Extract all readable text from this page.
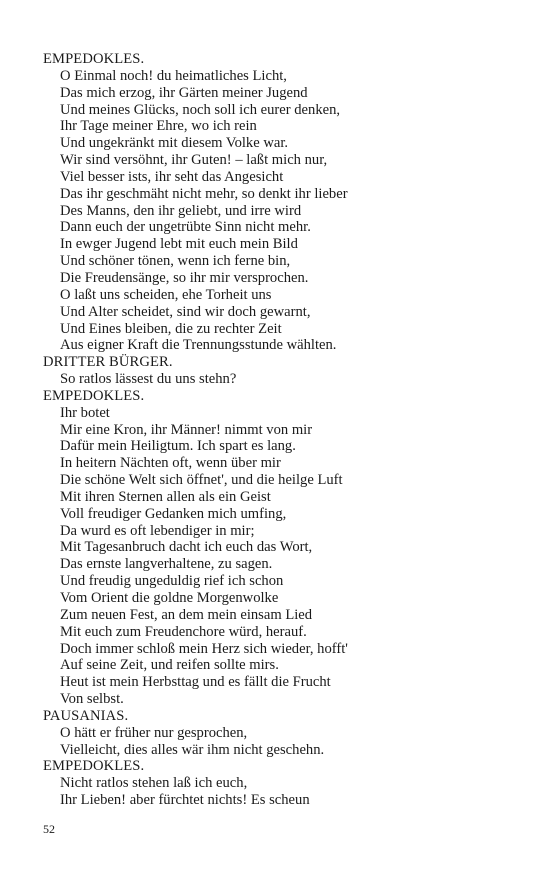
EMPEDOKLES.
O Einmal noch! du heimatliches Licht,
Das mich erzog, ihr Gärten meiner Jugend
Und meines Glücks, noch soll ich eurer denken,
Ihr Tage meiner Ehre, wo ich rein
Und ungekränkt mit diesem Volke war.
Wir sind versöhnt, ihr Guten! – laßt mich nur,
Viel besser ists, ihr seht das Angesicht
Das ihr geschmäht nicht mehr, so denkt ihr lieber
Des Manns, den ihr geliebt, und irre wird
Dann euch der ungetrübte Sinn nicht mehr.
In ewger Jugend lebt mit euch mein Bild
Und schöner tönen, wenn ich ferne bin,
Die Freudensänge, so ihr mir versprochen.
O laßt uns scheiden, ehe Torheit uns
Und Alter scheidet, sind wir doch gewarnt,
Und Eines bleiben, die zu rechter Zeit
Aus eigner Kraft die Trennungsstunde wählten.
DRITTER BÜRGER.
So ratlos lässest du uns stehn?
EMPEDOKLES.
Ihr botet
Mir eine Kron, ihr Männer! nimmt von mir
Dafür mein Heiligtum. Ich spart es lang.
In heitern Nächten oft, wenn über mir
Die schöne Welt sich öffnet', und die heilge Luft
Mit ihren Sternen allen als ein Geist
Voll freudiger Gedanken mich umfing,
Da wurd es oft lebendiger in mir;
Mit Tagesanbruch dacht ich euch das Wort,
Das ernste langverhaltene, zu sagen.
Und freudig ungeduldig rief ich schon
Vom Orient die goldne Morgenwolke
Zum neuen Fest, an dem mein einsam Lied
Mit euch zum Freudenchore würd, herauf.
Doch immer schloß mein Herz sich wieder, hofft'
Auf seine Zeit, und reifen sollte mirs.
Heut ist mein Herbsttag und es fällt die Frucht
Von selbst.
PAUSANIAS.
O hätt er früher nur gesprochen,
Vielleicht, dies alles wär ihm nicht geschehn.
EMPEDOKLES.
Nicht ratlos stehen laß ich euch,
Ihr Lieben! aber fürchtet nichts! Es scheun
52
